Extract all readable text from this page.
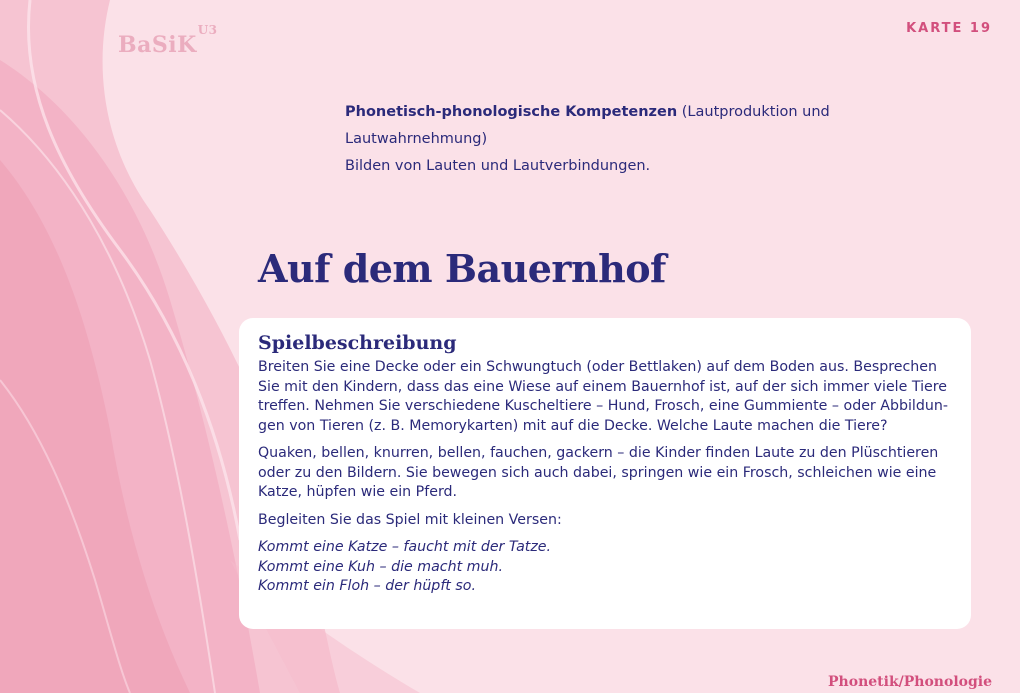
BaSiK$^{U3}$	KARTE 19
Phonetisch-phonologische Kompetenzen (Lautproduktion und Lautwahrnehmung)
Bilden von Lauten und Lautverbindungen.
Auf dem Bauernhof
Spielbeschreibung

Breiten Sie eine Decke oder ein Schwungtuch (oder Bettlaken) auf dem Boden aus. Besprechen
Sie mit den Kindern, dass das eine Wiese auf einem Bauernhof ist, auf der sich immer viele Tiere
treffen. Nehmen Sie verschiedene Kuscheltiere – Hund, Frosch, eine Gummiente – oder Abbildun-
gen von Tieren (z. B. Memorykarten) mit auf die Decke. Welche Laute machen die Tiere?

Quaken, bellen, knurren, bellen, fauchen, gackern – die Kinder finden Laute zu den Plüschtieren
oder zu den Bildern. Sie bewegen sich auch dabei, springen wie ein Frosch, schleichen wie eine
Katze, hüpfen wie ein Pferd.

Begleiten Sie das Spiel mit kleinen Versen:

Kommt eine Katze – faucht mit der Tatze.
Kommt eine Kuh – die macht muh.
Kommt ein Floh – der hüpft so.

Phonetik/Phonologie
